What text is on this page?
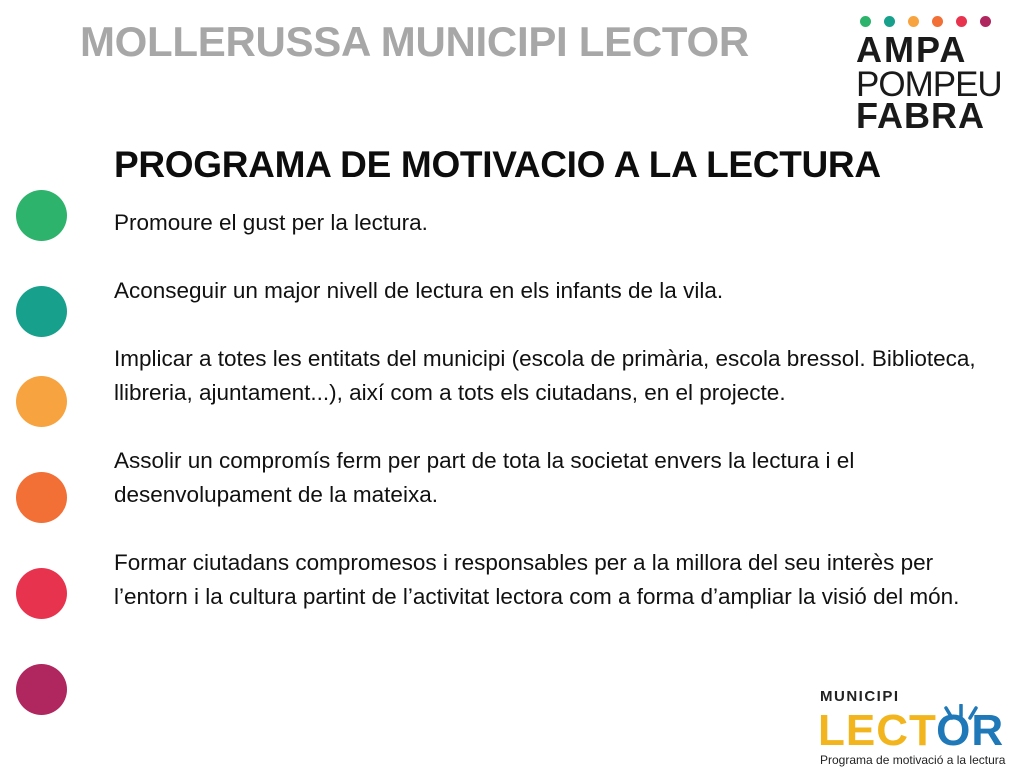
MOLLERUSSA MUNICIPI LECTOR	AMPA
POMPEU
FABRA
PROGRAMA DE MOTIVACIO A LA LECTURA

Promoure el gust per la lectura.

Aconseguir un major nivell de lectura en els infants de la vila.

Implicar a totes les entitats del municipi (escola de primària, escola bressol. Biblioteca, llibreria, ajuntament...), així com a tots els ciutadans, en el projecte.

Assolir un compromís ferm per part de tota la societat envers la lectura i el desenvolupament de la mateixa.

Formar ciutadans compromesos i responsables per a la millora del seu interès per l’entorn i la cultura partint de l’activitat lectora com a forma d’ampliar la visió del món.

MUNICIPI
LECTOR
Programa de motivació a la lectura
